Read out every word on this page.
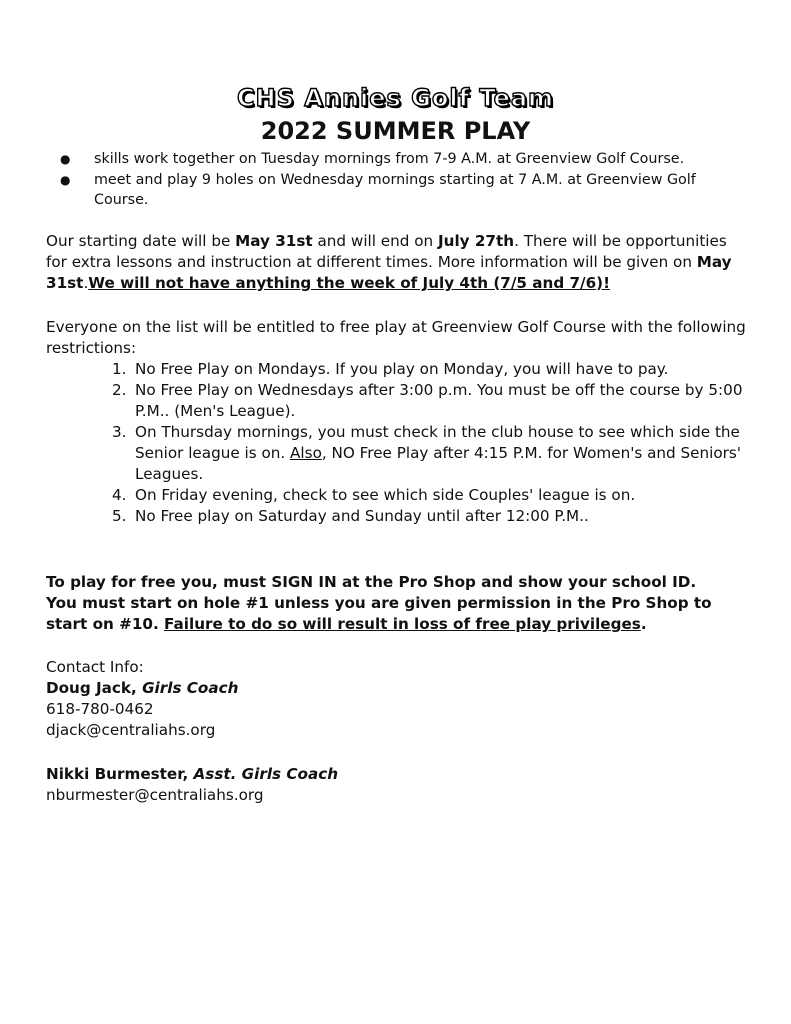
CHS Annies Golf Team
2022 SUMMER PLAY
● skills work together on Tuesday mornings from 7-9 A.M. at Greenview Golf Course.
● meet and play 9 holes on Wednesday mornings starting at 7 A.M. at Greenview Golf Course.

Our starting date will be May 31st and will end on July 27th. There will be opportunities for extra lessons and instruction at different times. More information will be given on May 31st.We will not have anything the week of July 4th (7/5 and 7/6)!

Everyone on the list will be entitled to free play at Greenview Golf Course with the following restrictions:

1. No Free Play on Mondays. If you play on Monday, you will have to pay.
2. No Free Play on Wednesdays after 3:00 p.m. You must be off the course by 5:00 P.M.. (Men's League).
3. On Thursday mornings, you must check in the club house to see which side the Senior league is on. Also, NO Free Play after 4:15 P.M. for Women's and Seniors' Leagues.
4. On Friday evening, check to see which side Couples' league is on.
5. No Free play on Saturday and Sunday until after 12:00 P.M..

To play for free you, must SIGN IN at the Pro Shop and show your school ID.

You must start on hole #1 unless you are given permission in the Pro Shop to start on #10. Failure to do so will result in loss of free play privileges.

Contact Info:

Doug Jack, Girls Coach

618-780-0462

djack@centraliahs.org

Nikki Burmester, Asst. Girls Coach

nburmester@centraliahs.org
